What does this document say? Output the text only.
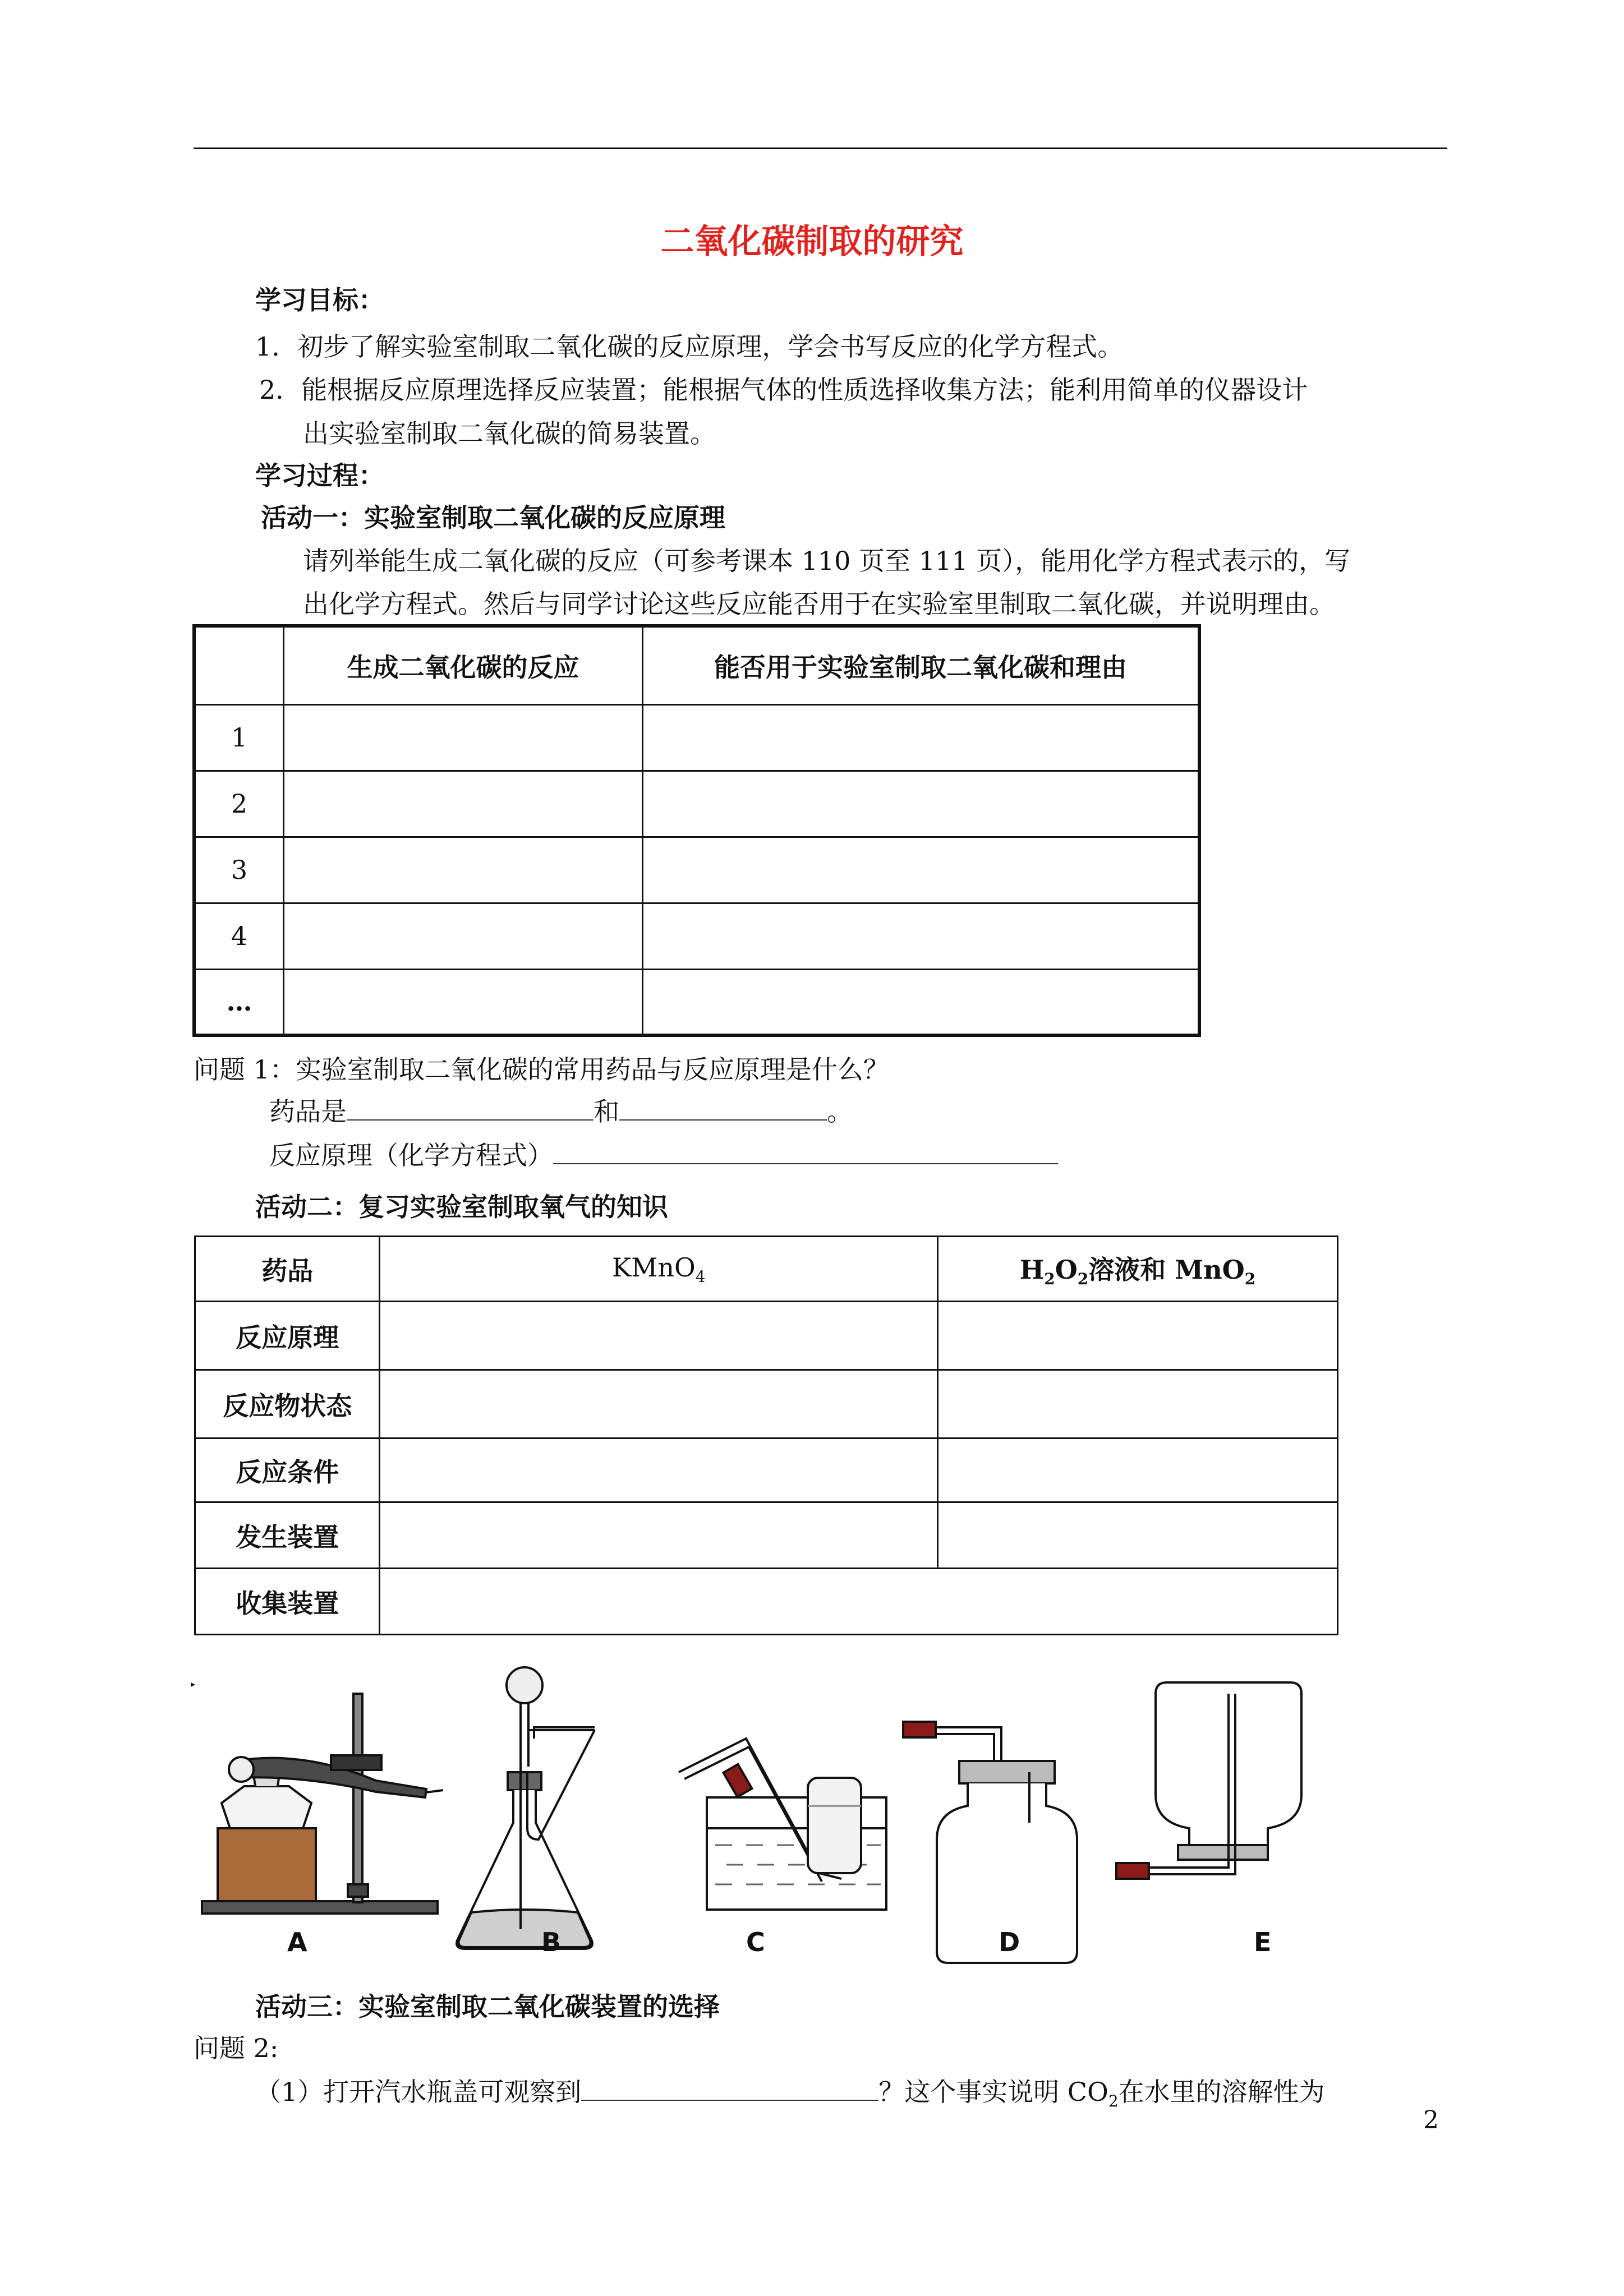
二氧化碳制取的研究
学习目标：
1．初步了解实验室制取二氧化碳的反应原理，学会书写反应的化学方程式。
2．能根据反应原理选择反应装置；能根据气体的性质选择收集方法；能利用简单的仪器设计
出实验室制取二氧化碳的简易装置。
学习过程：
活动一：实验室制取二氧化碳的反应原理
请列举能生成二氧化碳的反应（可参考课本 110 页至 111 页），能用化学方程式表示的，写
出化学方程式。然后与同学讨论这些反应能否用于在实验室里制取二氧化碳，并说明理由。
	生成二氧化碳的反应	能否用于实验室制取二氧化碳和理由
1		
2		
3		
4		
…		
问题 1：实验室制取二氧化碳的常用药品与反应原理是什么？
药品是	和	。
反应原理（化学方程式）
活动二：复习实验室制取氧气的知识
药品	KMnO$_4$	$H_2O_2$溶液和 MnO$_2$
反应原理		
反应物状态		
反应条件		
发生装置		
收集装置		
A	B	C	D	E
活动三：实验室制取二氧化碳装置的选择
问题 2:
（1）打开汽水瓶盖可观察到	？这个事实说明 $CO_2$在水里的溶解性为
2
